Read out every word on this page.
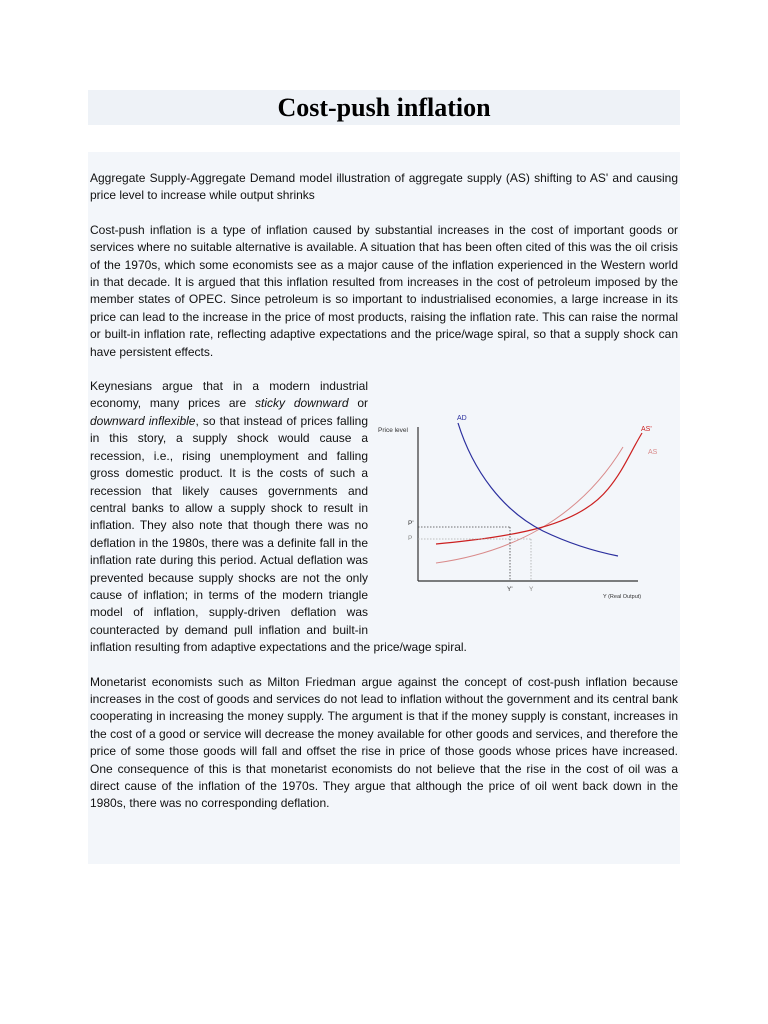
Cost-push inflation

Aggregate Supply-Aggregate Demand model illustration of aggregate supply (AS) shifting to AS' and causing price level to increase while output shrinks

Cost-push inflation is a type of inflation caused by substantial increases in the cost of important goods or services where no suitable alternative is available. A situation that has been often cited of this was the oil crisis of the 1970s, which some economists see as a major cause of the inflation experienced in the Western world in that decade. It is argued that this inflation resulted from increases in the cost of petroleum imposed by the member states of OPEC. Since petroleum is so important to industrialised economies, a large increase in its price can lead to the increase in the price of most products, raising the inflation rate. This can raise the normal or built-in inflation rate, reflecting adaptive expectations and the price/wage spiral, so that a supply shock can have persistent effects.

Price level
Y (Real Output)
AS
AS'
AD
P'
P
Y'	Y

Keynesians argue that in a modern industrial economy, many prices are sticky downward or downward inflexible, so that instead of prices falling in this story, a supply shock would cause a recession, i.e., rising unemployment and falling gross domestic product. It is the costs of such a recession that likely causes governments and central banks to allow a supply shock to result in inflation. They also note that though there was no deflation in the 1980s, there was a definite fall in the inflation rate during this period. Actual deflation was prevented because supply shocks are not the only cause of inflation; in terms of the modern triangle model of inflation, supply-driven deflation was counteracted by demand pull inflation and built-in inflation resulting from adaptive expectations and the price/wage spiral.

Monetarist economists such as Milton Friedman argue against the concept of cost-push inflation because increases in the cost of goods and services do not lead to inflation without the government and its central bank cooperating in increasing the money supply. The argument is that if the money supply is constant, increases in the cost of a good or service will decrease the money available for other goods and services, and therefore the price of some those goods will fall and offset the rise in price of those goods whose prices have increased. One consequence of this is that monetarist economists do not believe that the rise in the cost of oil was a direct cause of the inflation of the 1970s. They argue that although the price of oil went back down in the 1980s, there was no corresponding deflation.
